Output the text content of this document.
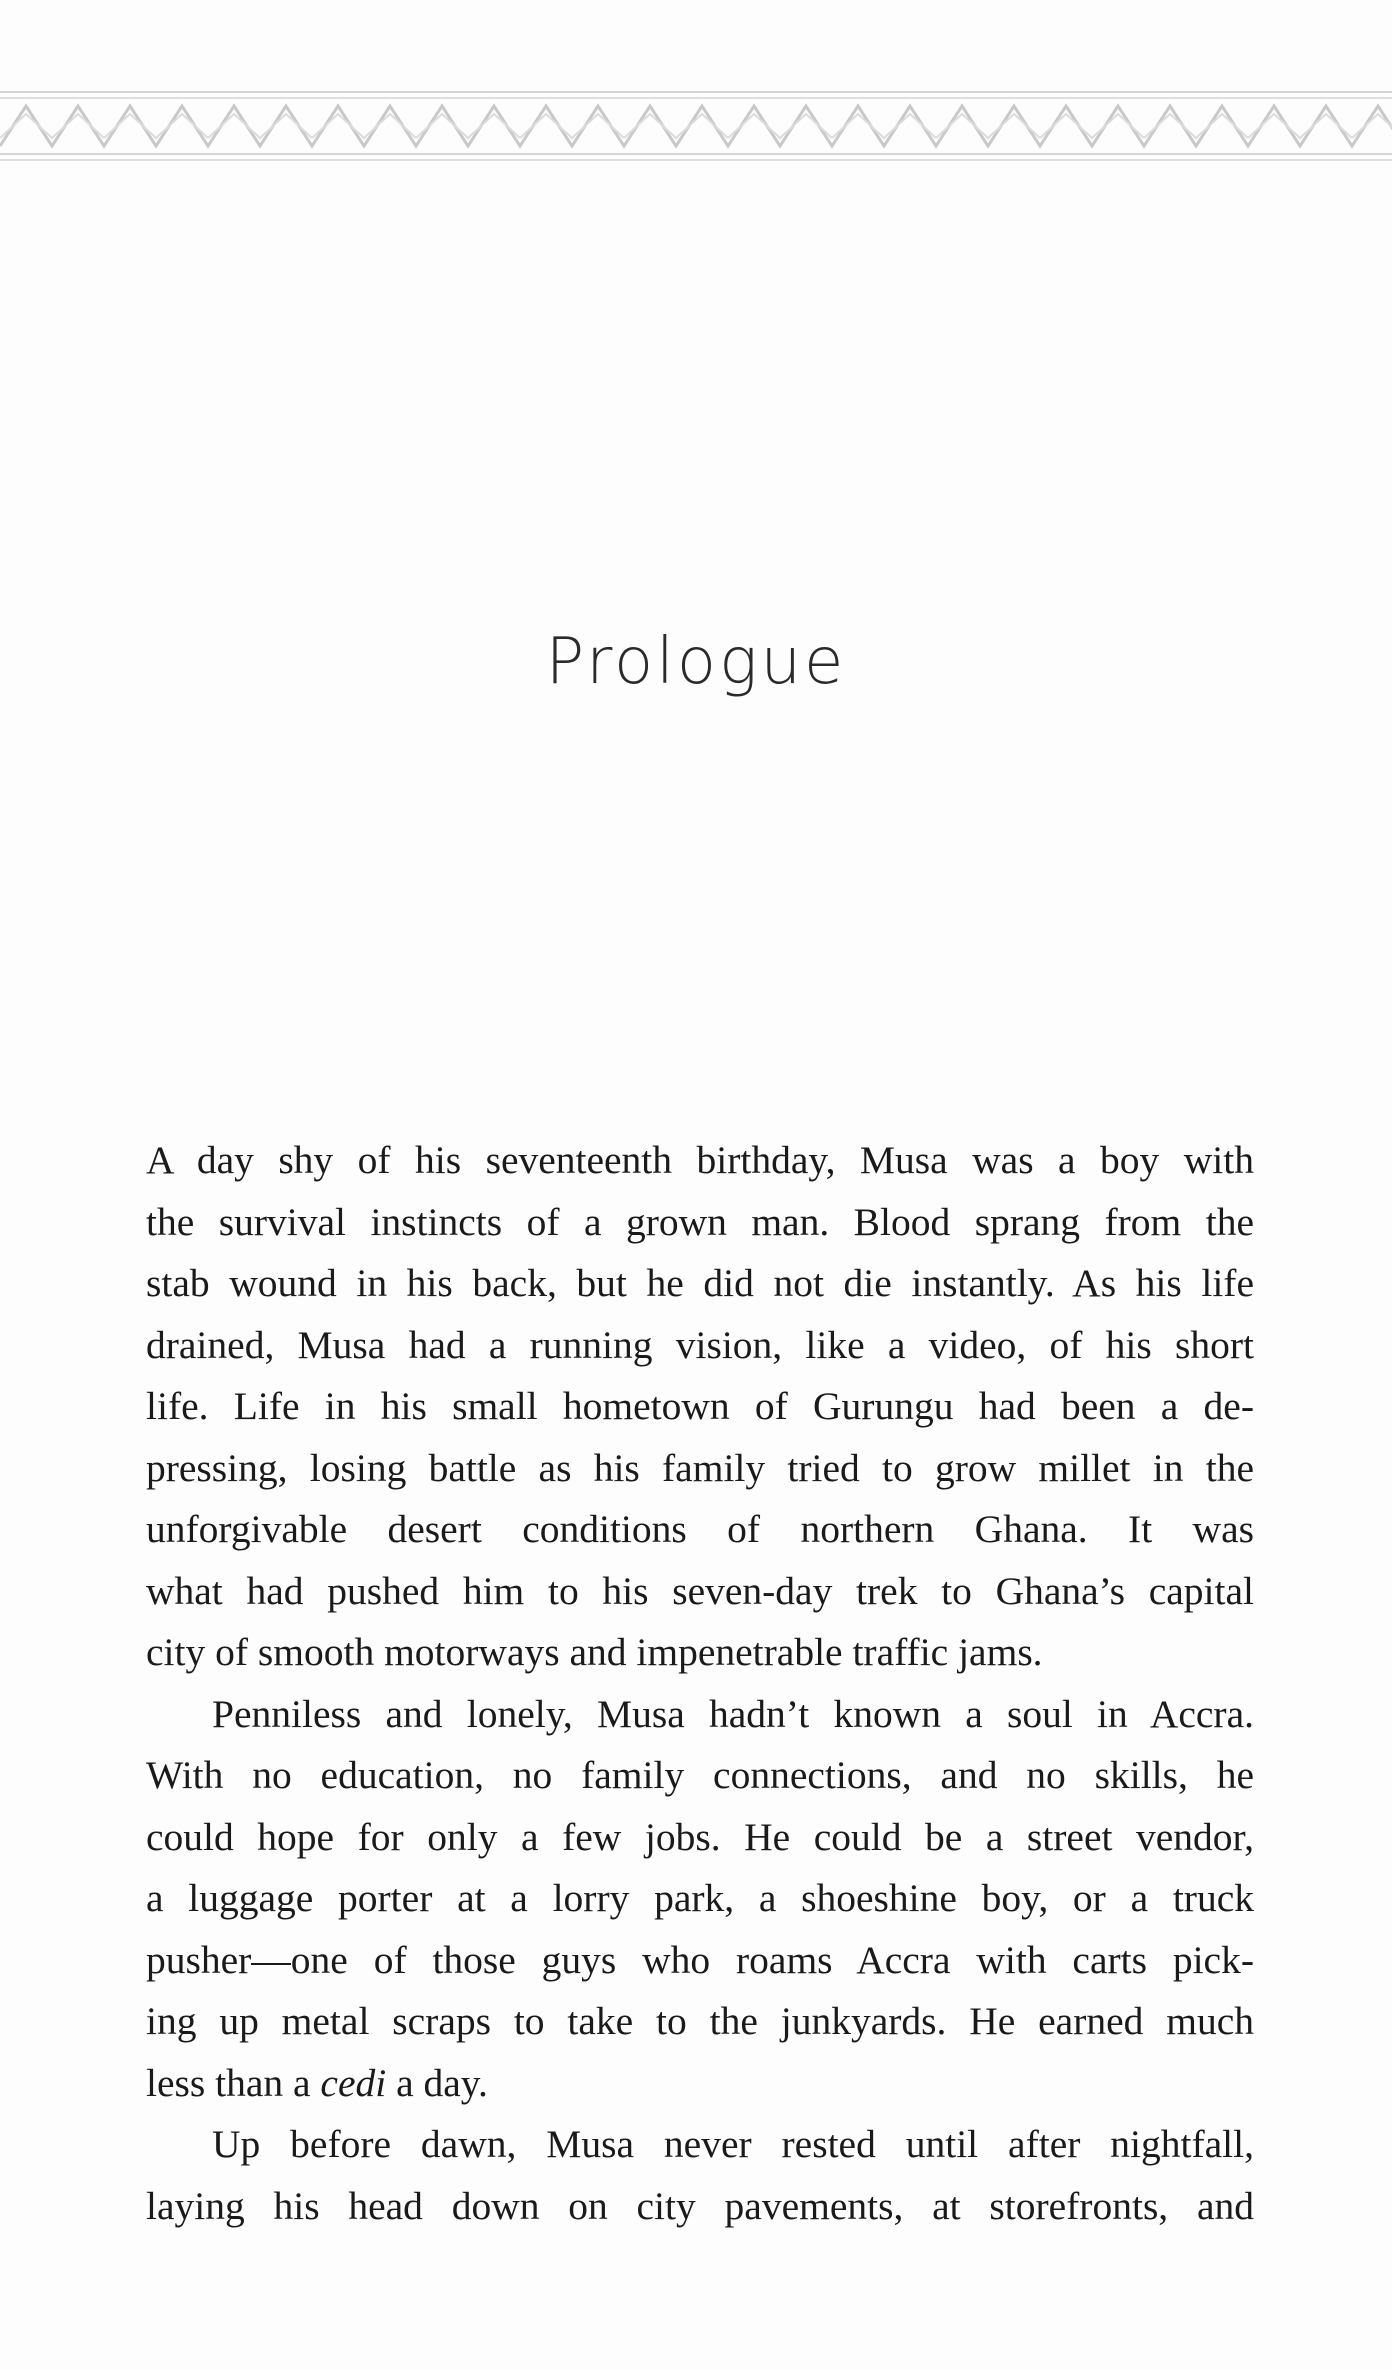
Prologue

A day shy of his seventeenth birthday, Musa was a boy with
the survival instincts of a grown man. Blood sprang from the
stab wound in his back, but he did not die instantly. As his life
drained, Musa had a running vision, like a video, of his short
life. Life in his small hometown of Gurungu had been a de-
pressing, losing battle as his family tried to grow millet in the
unforgivable desert conditions of northern Ghana. It was
what had pushed him to his seven-day trek to Ghana’s capital
city of smooth motorways and impenetrable traffic jams.

Penniless and lonely, Musa hadn’t known a soul in Accra.
With no education, no family connections, and no skills, he
could hope for only a few jobs. He could be a street vendor,
a luggage porter at a lorry park, a shoeshine boy, or a truck
pusher—one of those guys who roams Accra with carts pick-
ing up metal scraps to take to the junkyards. He earned much
less than a cedi a day.

Up before dawn, Musa never rested until after nightfall,
laying his head down on city pavements, at storefronts, and
